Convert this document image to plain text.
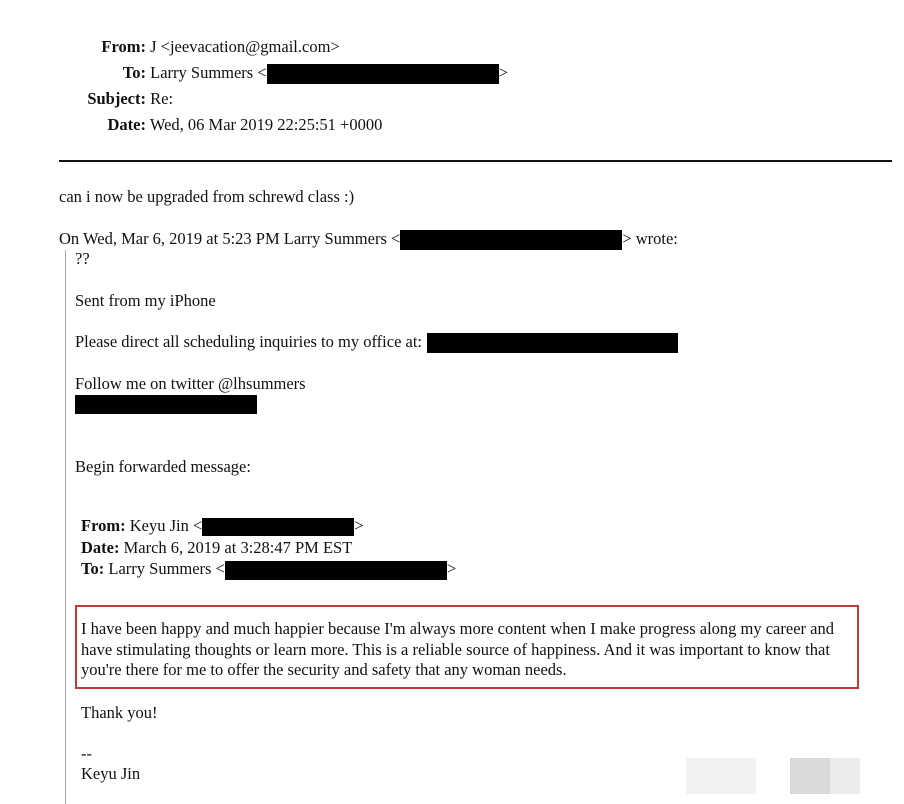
From: J <jeevacation@gmail.com>
To: Larry Summers <	>
Subject: Re:
Date: Wed, 06 Mar 2019 22:25:51 +0000
can i now be upgraded from schrewd class :)
On Wed, Mar 6, 2019 at 5:23 PM Larry Summers <	> wrote:
??
Sent from my iPhone
Please direct all scheduling inquiries to my office at:
Follow me on twitter @lhsummers
Begin forwarded message:
From: Keyu Jin <	>
Date: March 6, 2019 at 3:28:47 PM EST
To: Larry Summers <	>
I have been happy and much happier because I'm always more content when I make progress along my career and have stimulating thoughts or learn more. This is a reliable source of happiness. And it was important to know that you're there for me to offer the security and safety that any woman needs.
Thank you!
--
Keyu Jin
